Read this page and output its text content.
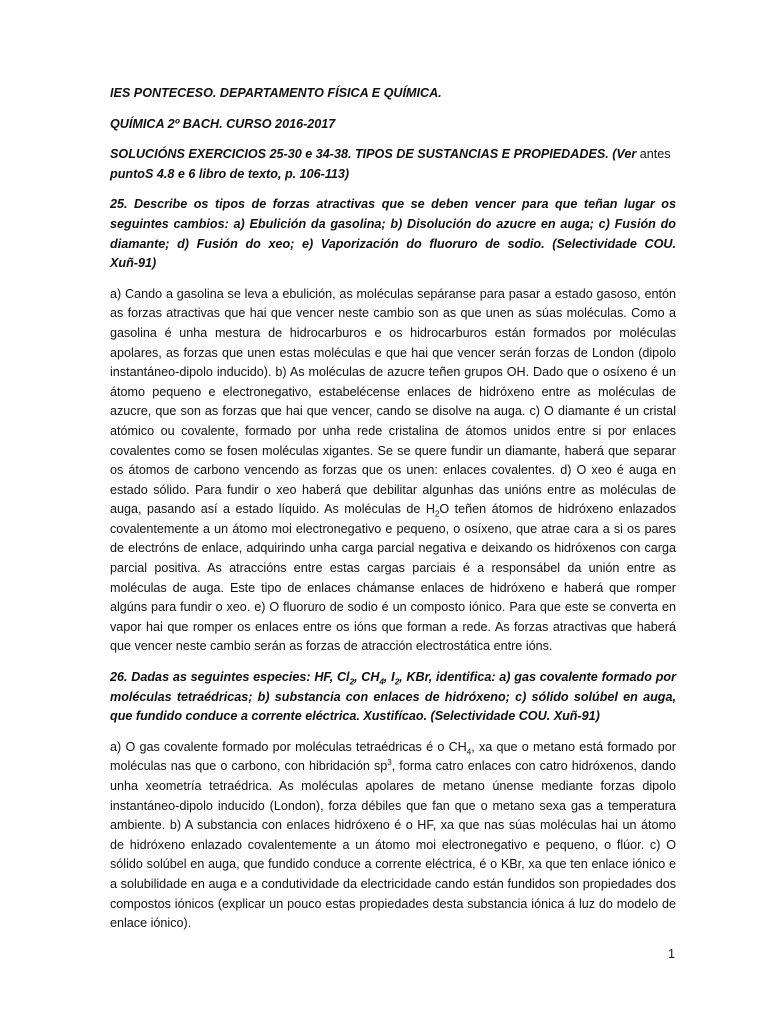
IES PONTECESO. DEPARTAMENTO FÍSICA E QUÍMICA.

QUÍMICA 2º BACH. CURSO 2016-2017

SOLUCIÓNS EXERCICIOS 25-30 e 34-38. TIPOS DE SUSTANCIAS E PROPIEDADES. (Ver antes
puntoS 4.8 e 6 libro de texto, p. 106-113)

25. Describe os tipos de forzas atractivas que se deben vencer para que teñan lugar os seguintes cambios: a) Ebulición da gasolina; b) Disolución do azucre en auga; c) Fusión do diamante; d) Fusión do xeo; e) Vaporización do fluoruro de sodio. (Selectividade COU. Xuñ-91)

a) Cando a gasolina se leva a ebulición, as moléculas sepáranse para pasar a estado gasoso, entón as forzas atractivas que hai que vencer neste cambio son as que unen as súas moléculas. Como a gasolina é unha mestura de hidrocarburos e os hidrocarburos están formados por moléculas apolares, as forzas que unen estas moléculas e que hai que vencer serán forzas de London (dipolo instantáneo-dipolo inducido). b) As moléculas de azucre teñen grupos OH. Dado que o osíxeno é un átomo pequeno e electronegativo, estabelécense enlaces de hidróxeno entre as moléculas de azucre, que son as forzas que hai que vencer, cando se disolve na auga. c) O diamante é un cristal atómico ou covalente, formado por unha rede cristalina de átomos unidos entre si por enlaces covalentes como se fosen moléculas xigantes. Se se quere fundir un diamante, haberá que separar os átomos de carbono vencendo as forzas que os unen: enlaces covalentes. d) O xeo é auga en estado sólido. Para fundir o xeo haberá que debilitar algunhas das unións entre as moléculas de auga, pasando así a estado líquido. As moléculas de $H_2O$ teñen átomos de hidróxeno enlazados covalentemente a un átomo moi electronegativo e pequeno, o osíxeno, que atrae cara a si os pares de electróns de enlace, adquirindo unha carga parcial negativa e deixando os hidróxenos con carga parcial positiva. As atraccións entre estas cargas parciais é a responsábel da unión entre as moléculas de auga. Este tipo de enlaces chámanse enlaces de hidróxeno e haberá que romper algúns para fundir o xeo. e) O fluoruro de sodio é un composto iónico. Para que este se converta en vapor hai que romper os enlaces entre os ións que forman a rede. As forzas atractivas que haberá que vencer neste cambio serán as forzas de atracción electrostática entre ións.

26. Dadas as seguintes especies: HF, $Cl_2$, $CH_4$, $I_2$, KBr, identifica: a) gas covalente formado por moléculas tetraédricas; b) substancia con enlaces de hidróxeno; c) sólido solúbel en auga, que fundido conduce a corrente eléctrica. Xustifícao. (Selectividade COU. Xuñ-91)

a) O gas covalente formado por moléculas tetraédricas é o $CH_4$, xa que o metano está formado por moléculas nas que o carbono, con hibridación $sp^3$, forma catro enlaces con catro hidróxenos, dando unha xeometría tetraédrica. As moléculas apolares de metano únense mediante forzas dipolo instantáneo-dipolo inducido (London), forza débiles que fan que o metano sexa gas a temperatura ambiente. b) A substancia con enlaces hidróxeno é o HF, xa que nas súas moléculas hai un átomo de hidróxeno enlazado covalentemente a un átomo moi electronegativo e pequeno, o flúor. c) O sólido solúbel en auga, que fundido conduce a corrente eléctrica, é o KBr, xa que ten enlace iónico e a solubilidade en auga e a condutividade da electricidade cando están fundidos son propiedades dos compostos iónicos (explicar un pouco estas propiedades desta substancia iónica á luz do modelo de enlace iónico).

1
